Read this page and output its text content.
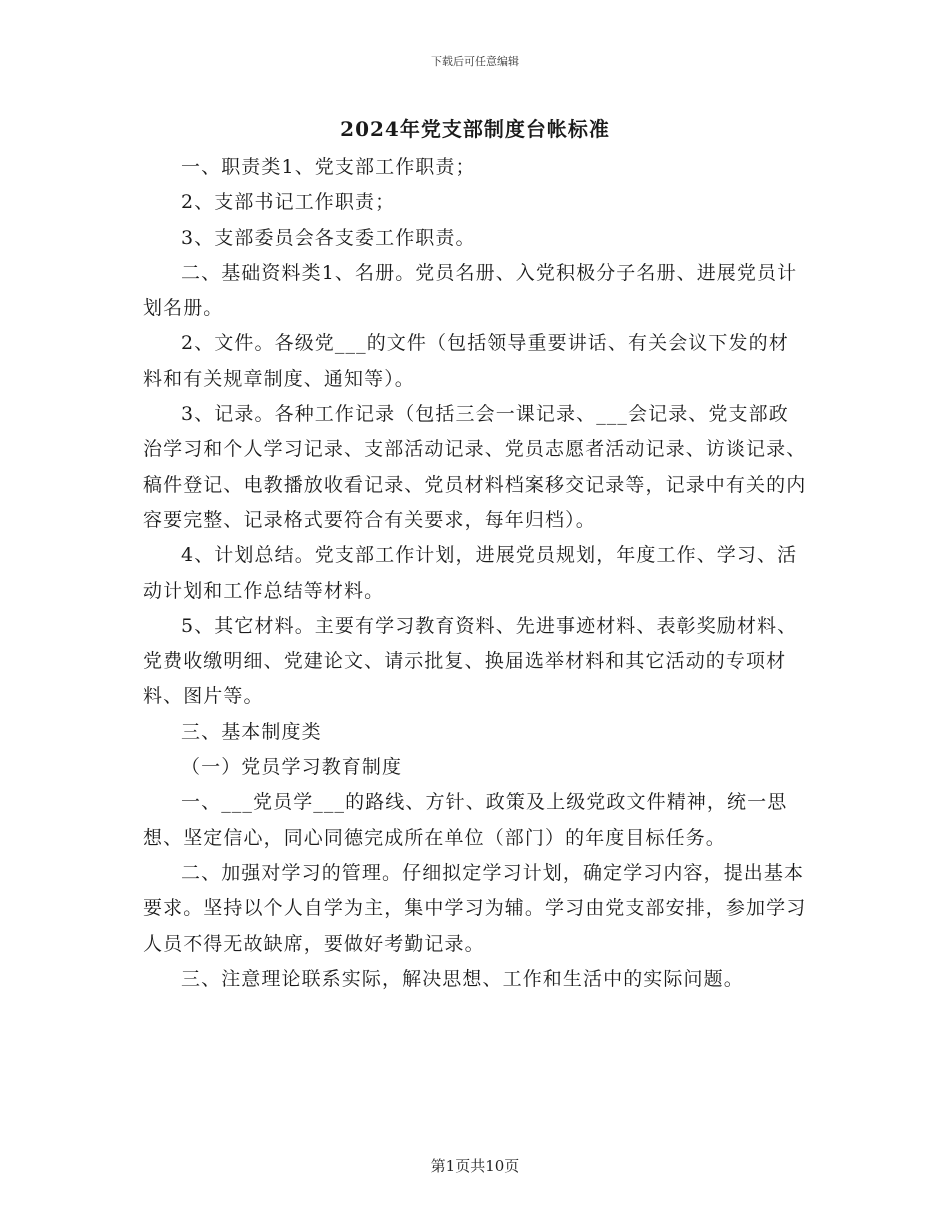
下载后可任意编辑
2024年党支部制度台帐标准

一、职责类1、党支部工作职责；

2、支部书记工作职责；

3、支部委员会各支委工作职责。

二、基础资料类1、名册。党员名册、入党积极分子名册、进展党员计划名册。

2、文件。各级党___的文件（包括领导重要讲话、有关会议下发的材料和有关规章制度、通知等）。

3、记录。各种工作记录（包括三会一课记录、___会记录、党支部政治学习和个人学习记录、支部活动记录、党员志愿者活动记录、访谈记录、稿件登记、电教播放收看记录、党员材料档案移交记录等，记录中有关的内容要完整、记录格式要符合有关要求，每年归档）。

4、计划总结。党支部工作计划，进展党员规划，年度工作、学习、活动计划和工作总结等材料。

5、其它材料。主要有学习教育资料、先进事迹材料、表彰奖励材料、党费收缴明细、党建论文、请示批复、换届选举材料和其它活动的专项材料、图片等。

三、基本制度类

（一）党员学习教育制度

一、___党员学___的路线、方针、政策及上级党政文件精神，统一思想、坚定信心，同心同德完成所在单位（部门）的年度目标任务。

二、加强对学习的管理。仔细拟定学习计划，确定学习内容，提出基本要求。坚持以个人自学为主，集中学习为辅。学习由党支部安排，参加学习人员不得无故缺席，要做好考勤记录。

三、注意理论联系实际，解决思想、工作和生活中的实际问题。

第1页共10页
